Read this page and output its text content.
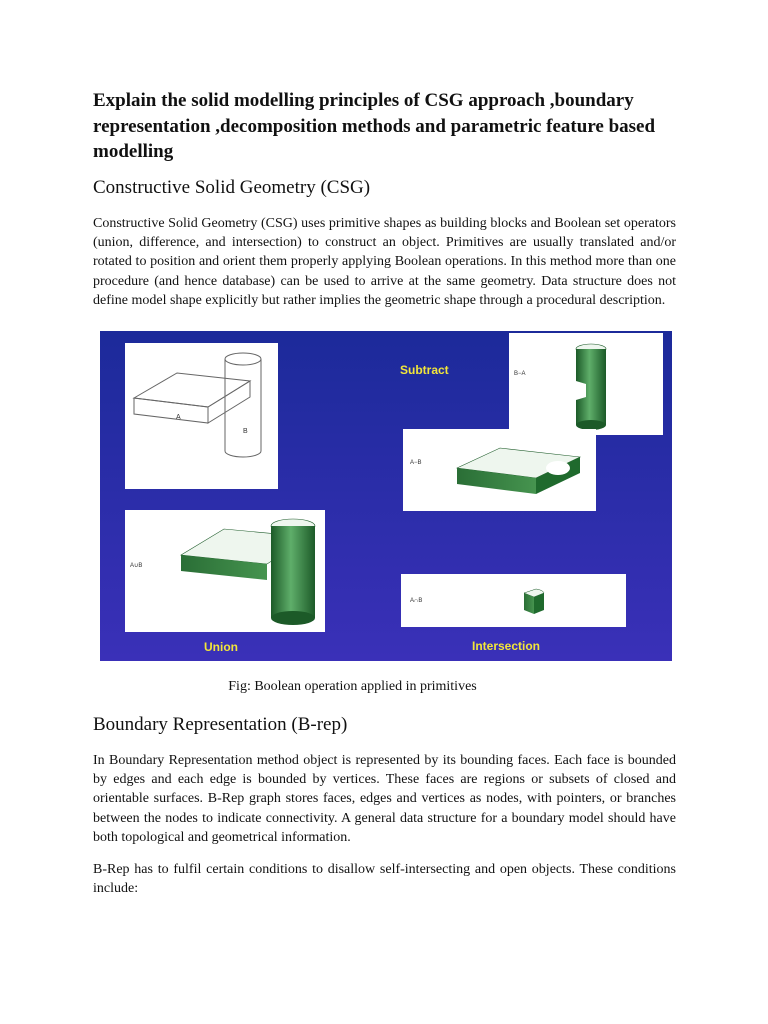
Explain the solid modelling principles of CSG approach ,boundary representation ,decomposition methods and parametric feature based modelling
Constructive Solid Geometry (CSG)

Constructive Solid Geometry (CSG) uses primitive shapes as building blocks and Boolean set operators (union, difference, and intersection) to construct an object. Primitives are usually translated and/or rotated to position and orient them properly applying Boolean operations. In this method more than one procedure (and hence database) can be used to arrive at the same geometry. Data structure does not define model shape explicitly but rather implies the geometric shape through a procedural description.

A
B
B−A
Subtract
A−B
A∪B
A∩B
Union	Intersection

Fig: Boolean operation applied in primitives

Boundary Representation (B-rep)

In Boundary Representation method object is represented by its bounding faces. Each face is bounded by edges and each edge is bounded by vertices. These faces are regions or subsets of closed and orientable surfaces. B-Rep graph stores faces, edges and vertices as nodes, with pointers, or branches between the nodes to indicate connectivity. A general data structure for a boundary model should have both topological and geometrical information.

B-Rep has to fulfil certain conditions to disallow self-intersecting and open objects. These conditions include:
